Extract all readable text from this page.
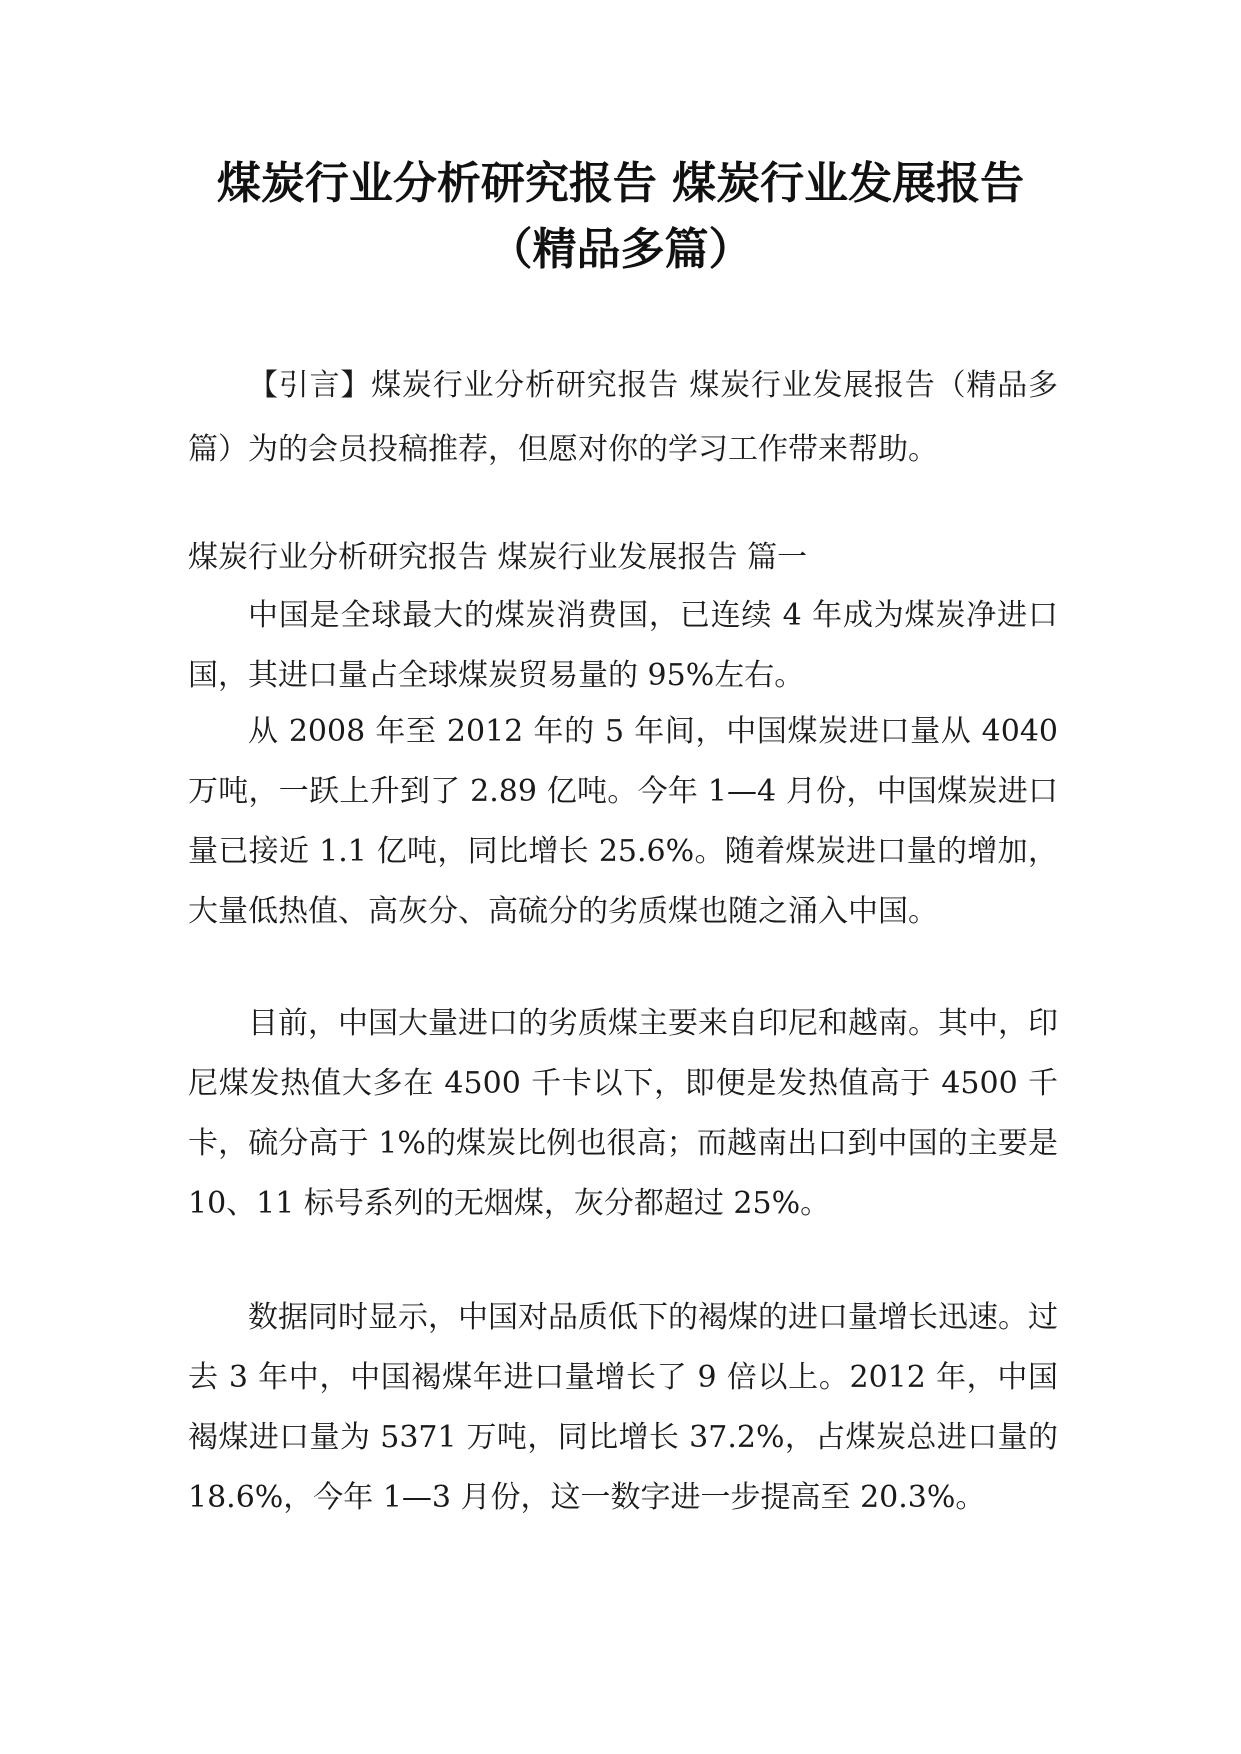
煤炭行业分析研究报告 煤炭行业发展报告
（精品多篇）

【引言】煤炭行业分析研究报告 煤炭行业发展报告（精品多篇）为的会员投稿推荐，但愿对你的学习工作带来帮助。

煤炭行业分析研究报告 煤炭行业发展报告 篇一

中国是全球最大的煤炭消费国，已连续 4 年成为煤炭净进口国，其进口量占全球煤炭贸易量的 95%左右。

从 2008 年至 2012 年的 5 年间，中国煤炭进口量从 4040 万吨，一跃上升到了 2.89 亿吨。今年 1—4 月份，中国煤炭进口量已接近 1.1 亿吨，同比增长 25.6%。随着煤炭进口量的增加，大量低热值、高灰分、高硫分的劣质煤也随之涌入中国。

目前，中国大量进口的劣质煤主要来自印尼和越南。其中，印尼煤发热值大多在 4500 千卡以下，即便是发热值高于 4500 千卡，硫分高于 1%的煤炭比例也很高；而越南出口到中国的主要是 10、11 标号系列的无烟煤，灰分都超过 25%。

数据同时显示，中国对品质低下的褐煤的进口量增长迅速。过去 3 年中，中国褐煤年进口量增长了 9 倍以上。2012 年，中国褐煤进口量为 5371 万吨，同比增长 37.2%，占煤炭总进口量的 18.6%，今年 1—3 月份，这一数字进一步提高至 20.3%。
